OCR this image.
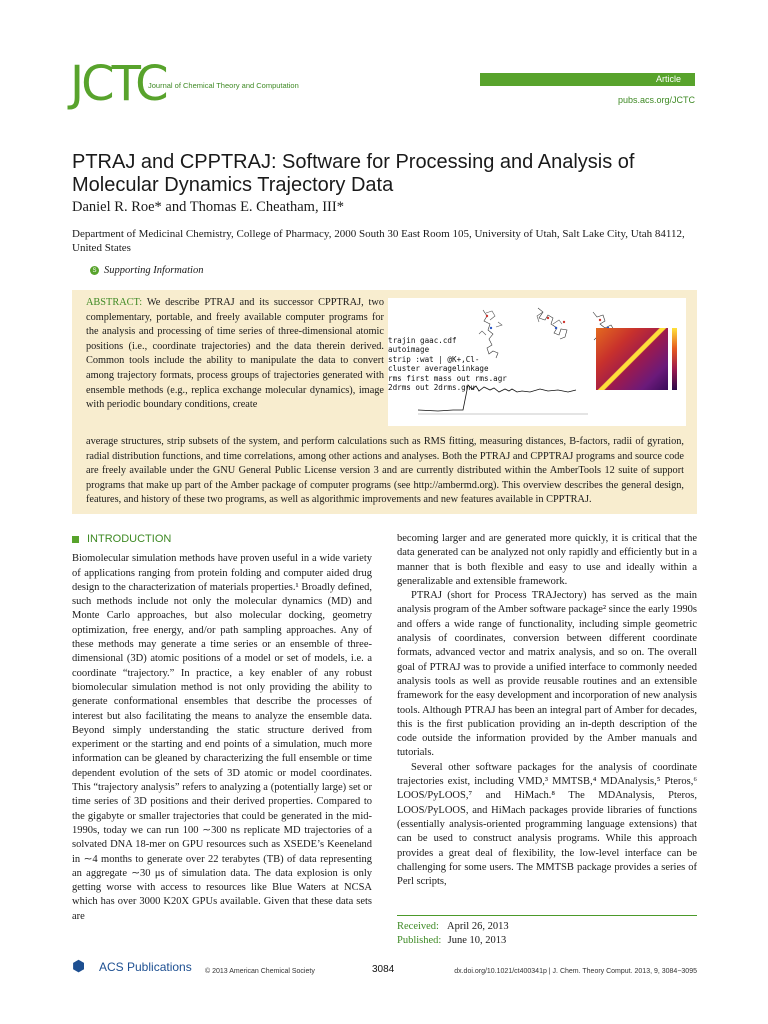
JCTC
Journal of Chemical Theory and Computation
Article
pubs.acs.org/JCTC
PTRAJ and CPPTRAJ: Software for Processing and Analysis of Molecular Dynamics Trajectory Data
Daniel R. Roe* and Thomas E. Cheatham, III*
Department of Medicinal Chemistry, College of Pharmacy, 2000 South 30 East Room 105, University of Utah, Salt Lake City, Utah 84112, United States
S Supporting Information
ABSTRACT: We describe PTRAJ and its successor CPPTRAJ, two complementary, portable, and freely available computer programs for the analysis and processing of time series of three-dimensional atomic positions (i.e., coordinate trajectories) and the data therein derived. Common tools include the ability to manipulate the data to convert among trajectory formats, process groups of trajectories generated with ensemble methods (e.g., replica exchange molecular dynamics), image with periodic boundary conditions, create
trajin gaac.cdf
autoimage
strip :wat | @K+,Cl-
cluster averagelinkage
rms first mass out rms.agr
2drms out 2drms.gnu
average structures, strip subsets of the system, and perform calculations such as RMS fitting, measuring distances, B-factors, radii of gyration, radial distribution functions, and time correlations, among other actions and analyses. Both the PTRAJ and CPPTRAJ programs and source code are freely available under the GNU General Public License version 3 and are currently distributed within the AmberTools 12 suite of support programs that make up part of the Amber package of computer programs (see http://ambermd.org). This overview describes the general design, features, and history of these two programs, as well as algorithmic improvements and new features available in CPPTRAJ.
INTRODUCTION

Biomolecular simulation methods have proven useful in a wide variety of applications ranging from protein folding and computer aided drug design to the characterization of materials properties.¹ Broadly defined, such methods include not only the molecular dynamics (MD) and Monte Carlo approaches, but also molecular docking, geometry optimization, free energy, and/or path sampling approaches. Any of these methods may generate a time series or an ensemble of three-dimensional (3D) atomic positions of a model or set of models, i.e. a coordinate “trajectory.” In practice, a key enabler of any robust biomolecular simulation method is not only providing the ability to generate conformational ensembles that describe the processes of interest but also facilitating the means to analyze the ensemble data. Beyond simply understanding the static structure derived from experiment or the starting and end points of a simulation, much more information can be gleaned by characterizing the full ensemble or time dependent evolution of the sets of 3D atomic or model coordinates. This “trajectory analysis” refers to analyzing a (potentially large) set or time series of 3D positions and their derived properties. Compared to the gigabyte or smaller trajectories that could be generated in the mid-1990s, today we can run 100 ∼300 ns replicate MD trajectories of a solvated DNA 18-mer on GPU resources such as XSEDE’s Keeneland in ∼4 months to generate over 22 terabytes (TB) of data representing an aggregate ∼30 μs of simulation data. The data explosion is only getting worse with access to resources like Blue Waters at NCSA which has over 3000 K20X GPUs available. Given that these data sets are

becoming larger and are generated more quickly, it is critical that the data generated can be analyzed not only rapidly and efficiently but in a manner that is both flexible and easy to use and ideally within a generalizable and extensible framework.

PTRAJ (short for Process TRAJectory) has served as the main analysis program of the Amber software package² since the early 1990s and offers a wide range of functionality, including simple geometric analysis of coordinates, conversion between different coordinate formats, advanced vector and matrix analysis, and so on. The overall goal of PTRAJ was to provide a unified interface to commonly needed analysis tools as well as provide reusable routines and an extensible framework for the easy development and incorporation of new analysis tools. Although PTRAJ has been an integral part of Amber for decades, this is the first publication providing an in-depth description of the code outside the information provided by the Amber manuals and tutorials.

Several other software packages for the analysis of coordinate trajectories exist, including VMD,³ MMTSB,⁴ MDAnalysis,⁵ Pteros,⁶ LOOS/PyLOOS,⁷ and HiMach.⁸ The MDAnalysis, Pteros, LOOS/PyLOOS, and HiMach packages provide libraries of functions (essentially analysis-oriented programming language extensions) that can be used to construct analysis programs. While this approach provides a great deal of flexibility, the low-level interface can be challenging for some users. The MMTSB package provides a series of Perl scripts,

Received: April 26, 2013
Published: June 10, 2013
⬢	ACS Publications © 2013 American Chemical Society	3084	dx.doi.org/10.1021/ct400341p | J. Chem. Theory Comput. 2013, 9, 3084−3095
